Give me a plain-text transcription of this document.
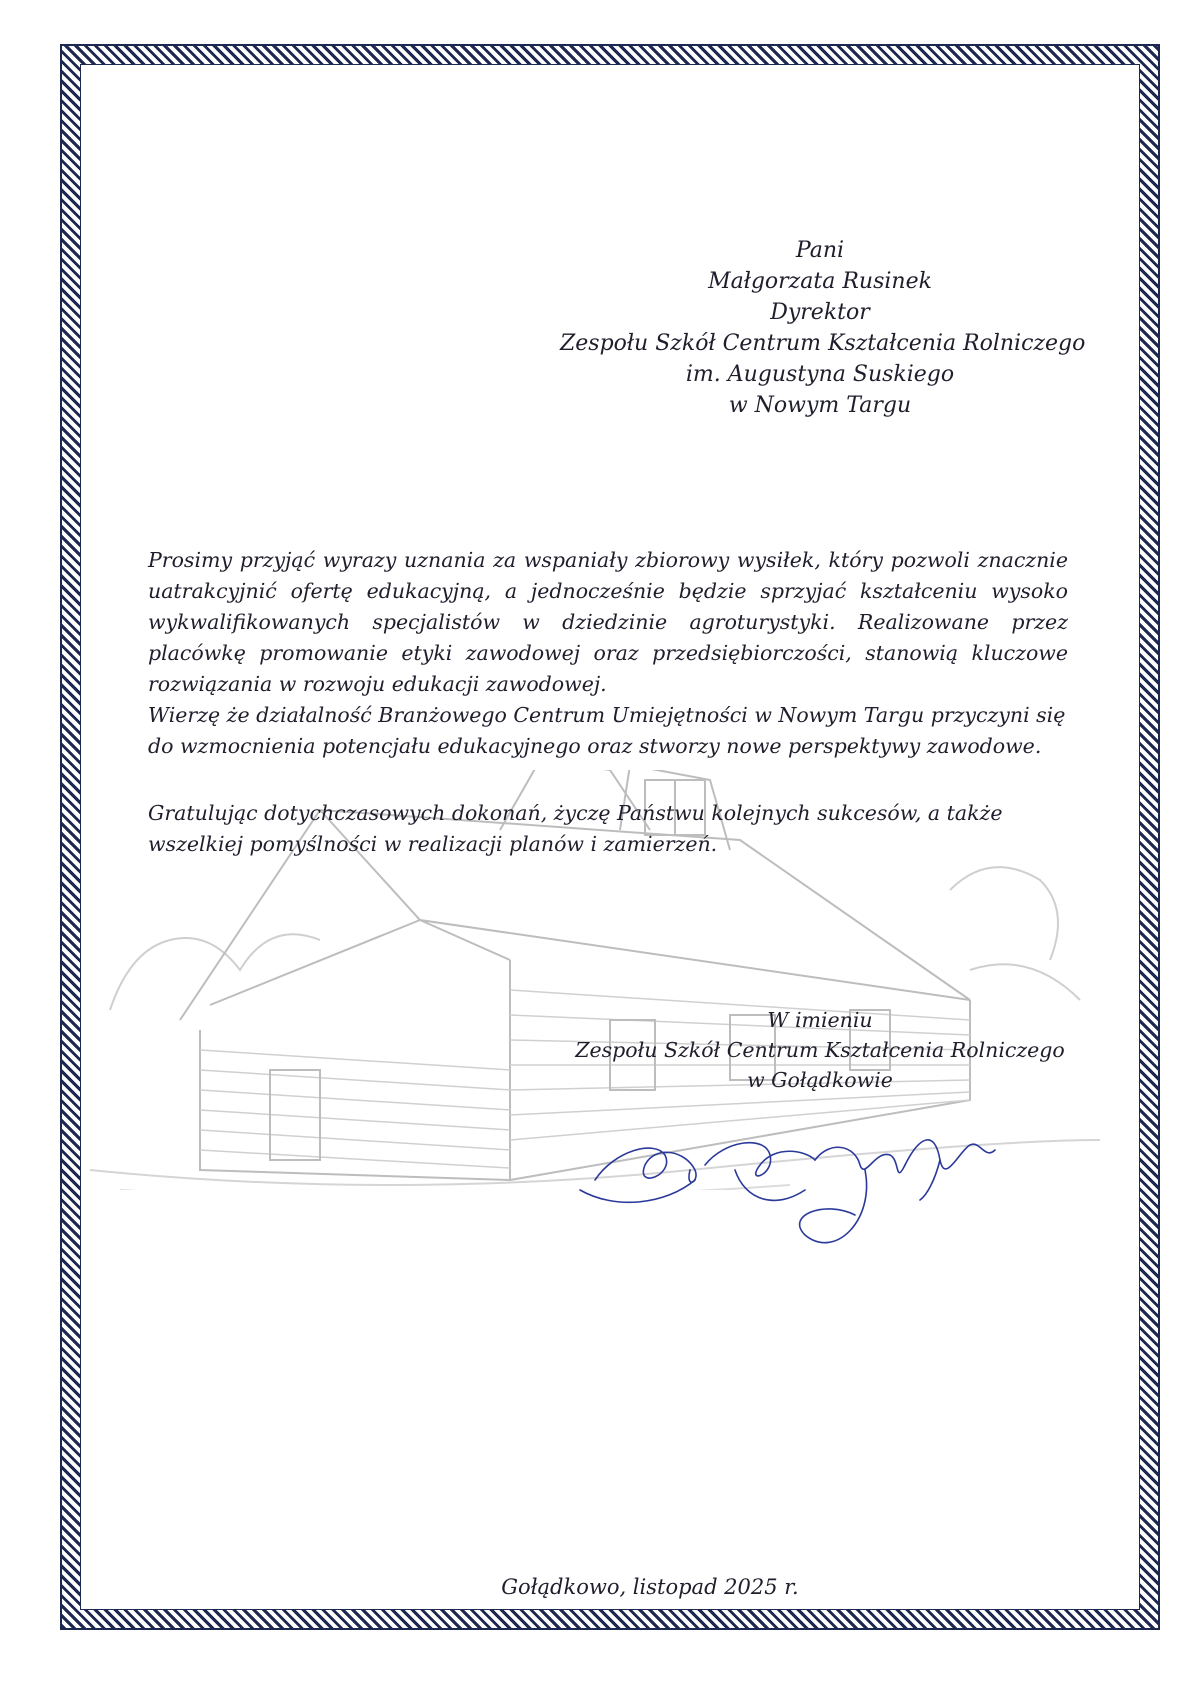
Pani
Małgorzata Rusinek
Dyrektor
Zespołu Szkół Centrum Kształcenia Rolniczego
im. Augustyna Suskiego
w Nowym Targu

Prosimy przyjąć wyrazy uznania za wspaniały zbiorowy wysiłek, który pozwoli znacznie uatrakcyjnić ofertę edukacyjną, a jednocześnie będzie sprzyjać kształceniu wysoko wykwalifikowanych specjalistów w dziedzinie agroturystyki. Realizowane przez placówkę promowanie etyki zawodowej oraz przedsiębiorczości, stanowią kluczowe rozwiązania w rozwoju edukacji zawodowej.

Wierzę że działalność Branżowego Centrum Umiejętności w Nowym Targu przyczyni się do wzmocnienia potencjału edukacyjnego oraz stworzy nowe perspektywy zawodowe.

Gratulując dotychczasowych dokonań, życzę Państwu kolejnych sukcesów, a także wszelkiej pomyślności w realizacji planów i zamierzeń.

W imieniu
Zespołu Szkół Centrum Kształcenia Rolniczego
w Gołądkowie
Gołądkowo, listopad 2025 r.
